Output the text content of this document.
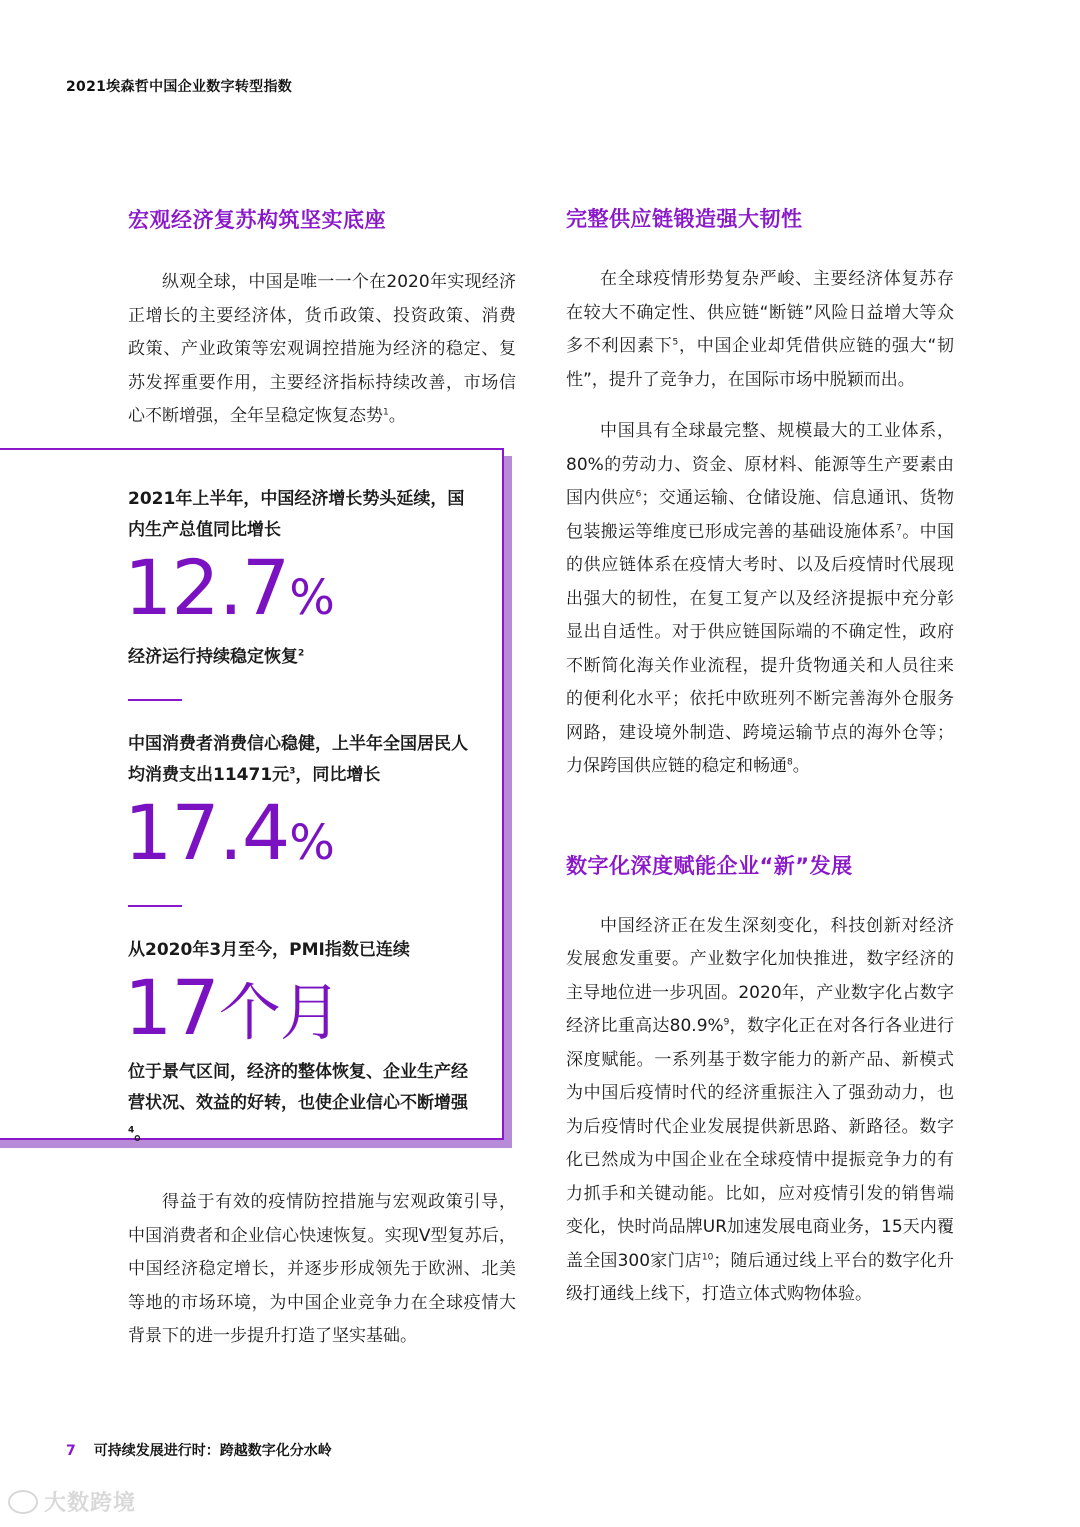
2021埃森哲中国企业数字转型指数
宏观经济复苏构筑坚实底座

纵观全球，中国是唯一一个在2020年实现经济正增长的主要经济体，货币政策、投资政策、消费政策、产业政策等宏观调控措施为经济的稳定、复苏发挥重要作用，主要经济指标持续改善，市场信心不断增强，全年呈稳定恢复态势$^1$。

2021年上半年，中国经济增长势头延续，国内生产总值同比增长

12.7%

经济运行持续稳定恢复$^2$

中国消费者消费信心稳健，上半年全国居民人均消费支出11471元$^3$，同比增长

17.4%

从2020年3月至今，PMI指数已连续

17个月

位于景气区间，经济的整体恢复、企业生产经营状况、效益的好转，也使企业信心不断增强$^4$。

得益于有效的疫情防控措施与宏观政策引导，中国消费者和企业信心快速恢复。实现V型复苏后，中国经济稳定增长，并逐步形成领先于欧洲、北美等地的市场环境，为中国企业竞争力在全球疫情大背景下的进一步提升打造了坚实基础。

完整供应链锻造强大韧性

在全球疫情形势复杂严峻、主要经济体复苏存在较大不确定性、供应链“断链”风险日益增大等众多不利因素下$^5$，中国企业却凭借供应链的强大“韧性”，提升了竞争力，在国际市场中脱颖而出。

中国具有全球最完整、规模最大的工业体系，80%的劳动力、资金、原材料、能源等生产要素由国内供应$^6$；交通运输、仓储设施、信息通讯、货物包装搬运等维度已形成完善的基础设施体系$^7$。中国的供应链体系在疫情大考时、以及后疫情时代展现出强大的韧性，在复工复产以及经济提振中充分彰显出自适性。对于供应链国际端的不确定性，政府不断简化海关作业流程，提升货物通关和人员往来的便利化水平；依托中欧班列不断完善海外仓服务网路，建设境外制造、跨境运输节点的海外仓等；力保跨国供应链的稳定和畅通$^8$。

数字化深度赋能企业“新”发展

中国经济正在发生深刻变化，科技创新对经济发展愈发重要。产业数字化加快推进，数字经济的主导地位进一步巩固。2020年，产业数字化占数字经济比重高达80.9%$^9$，数字化正在对各行各业进行深度赋能。一系列基于数字能力的新产品、新模式为中国后疫情时代的经济重振注入了强劲动力，也为后疫情时代企业发展提供新思路、新路径。数字化已然成为中国企业在全球疫情中提振竞争力的有力抓手和关键动能。比如，应对疫情引发的销售端变化，快时尚品牌UR加速发展电商业务，15天内覆盖全国300家门店$^{10}$；随后通过线上平台的数字化升级打通线上线下，打造立体式购物体验。

7 可持续发展进行时：跨越数字化分水岭
大数跨境
